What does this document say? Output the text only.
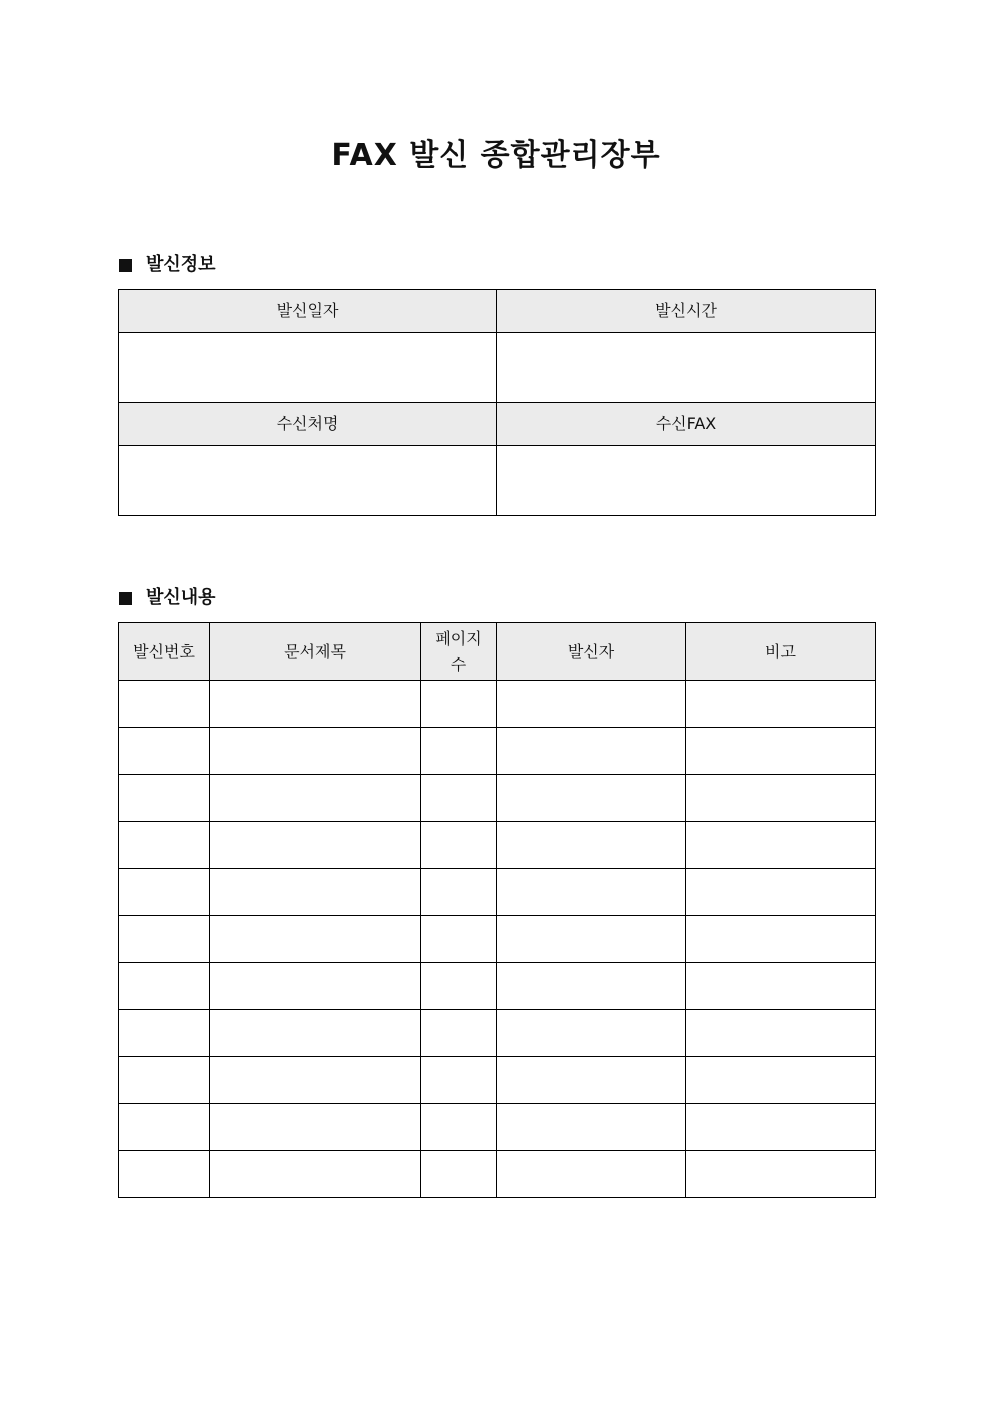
FAX 발신 종합관리장부
발신정보
발신일자	발신시간

수신처명	수신FAX

발신내용
발신번호	문서제목	페이지수	발신자	비고
